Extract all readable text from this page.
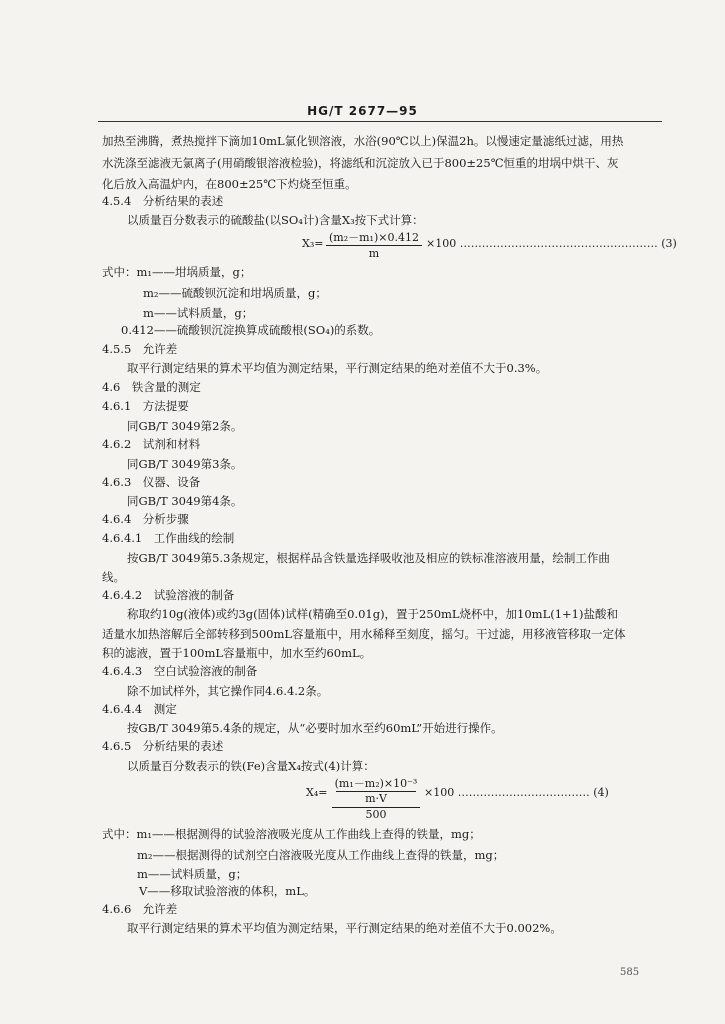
HG/T 2677—95
加热至沸腾，煮热搅拌下滴加10mL氯化钡溶液，水浴(90℃以上)保温2h。以慢速定量滤纸过滤，用热
水洗涤至滤液无氯离子(用硝酸银溶液检验)，将滤纸和沉淀放入已于800±25℃恒重的坩埚中烘干、灰
化后放入高温炉内，在800±25℃下灼烧至恒重。
4.5.4　分析结果的表述
以质量百分数表示的硫酸盐(以SO₄计)含量X₃按下式计算：
X₃= (m₂－m₁)×0.412
m
×100 ……………………………………………… (3)
式中：m₁——坩埚质量，g；
m₂——硫酸钡沉淀和坩埚质量，g；
m——试料质量，g；
0.412——硫酸钡沉淀换算成硫酸根(SO₄)的系数。
4.5.5　允许差
取平行测定结果的算术平均值为测定结果，平行测定结果的绝对差值不大于0.3%。
4.6　铁含量的测定
4.6.1　方法提要
同GB/T 3049第2条。
4.6.2　试剂和材料
同GB/T 3049第3条。
4.6.3　仪器、设备
同GB/T 3049第4条。
4.6.4　分析步骤
4.6.4.1　工作曲线的绘制
按GB/T 3049第5.3条规定，根据样品含铁量选择吸收池及相应的铁标准溶液用量，绘制工作曲
线。
4.6.4.2　试验溶液的制备
称取约10g(液体)或约3g(固体)试样(精确至0.01g)，置于250mL烧杯中，加10mL(1+1)盐酸和
适量水加热溶解后全部转移到500mL容量瓶中，用水稀释至刻度，摇匀。干过滤，用移液管移取一定体
积的滤液，置于100mL容量瓶中，加水至约60mL。
4.6.4.3　空白试验溶液的制备
除不加试样外，其它操作同4.6.4.2条。
4.6.4.4　测定
按GB/T 3049第5.4条的规定，从“必要时加水至约60mL”开始进行操作。
4.6.5　分析结果的表述
以质量百分数表示的铁(Fe)含量X₄按式(4)计算：
X₄=
(m₁－m₂)×10⁻³
m·V
500
×100 ……………………………… (4)
式中：m₁——根据测得的试验溶液吸光度从工作曲线上查得的铁量，mg；
m₂——根据测得的试剂空白溶液吸光度从工作曲线上查得的铁量，mg；
m——试料质量，g；
V——移取试验溶液的体积，mL。
4.6.6　允许差
取平行测定结果的算术平均值为测定结果，平行测定结果的绝对差值不大于0.002%。
585
